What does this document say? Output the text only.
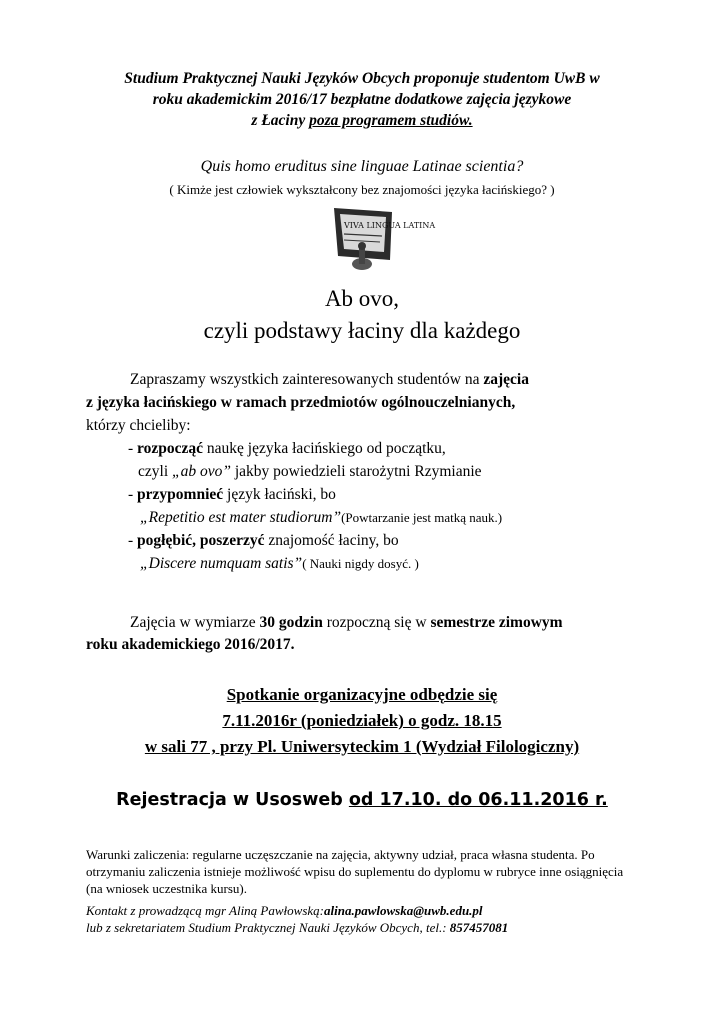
Studium Praktycznej Nauki Języków Obcych proponuje studentom UwB w
roku akademickim 2016/17 bezpłatne dodatkowe zajęcia językowe
z Łaciny poza programem studiów.
Quis homo eruditus sine linguae Latinae scientia?
( Kimże jest człowiek wykształcony bez znajomości języka łacińskiego? )
VIVA LINGUA LATINA
Ab ovo,
czyli podstawy łaciny dla każdego
Zapraszamy wszystkich zainteresowanych studentów na zajęcia
z języka łacińskiego w ramach przedmiotów ogólnouczelnianych,
którzy chcieliby:
- rozpocząć naukę języka łacińskiego od początku,
czyli „ab ovo” jakby powiedzieli starożytni Rzymianie
- przypomnieć język łaciński, bo
„Repetitio est mater studiorum”(Powtarzanie jest matką nauk.)
- pogłębić, poszerzyć znajomość łaciny, bo
„Discere numquam satis”( Nauki nigdy dosyć. )
Zajęcia w wymiarze 30 godzin rozpoczną się w semestrze zimowym
roku akademickiego 2016/2017.
Spotkanie organizacyjne odbędzie się
7.11.2016r (poniedziałek) o godz. 18.15
w sali 77 , przy Pl. Uniwersyteckim 1 (Wydział Filologiczny)
Rejestracja w Usosweb od 17.10. do 06.11.2016 r.
Warunki zaliczenia: regularne uczęszczanie na zajęcia, aktywny udział, praca własna studenta. Po otrzymaniu zaliczenia istnieje możliwość wpisu do suplementu do dyplomu w rubryce inne osiągnięcia (na wniosek uczestnika kursu).
Kontakt z prowadzącą mgr Aliną Pawłowską:alina.pawlowska@uwb.edu.pl
lub z sekretariatem Studium Praktycznej Nauki Języków Obcych, tel.: 857457081
